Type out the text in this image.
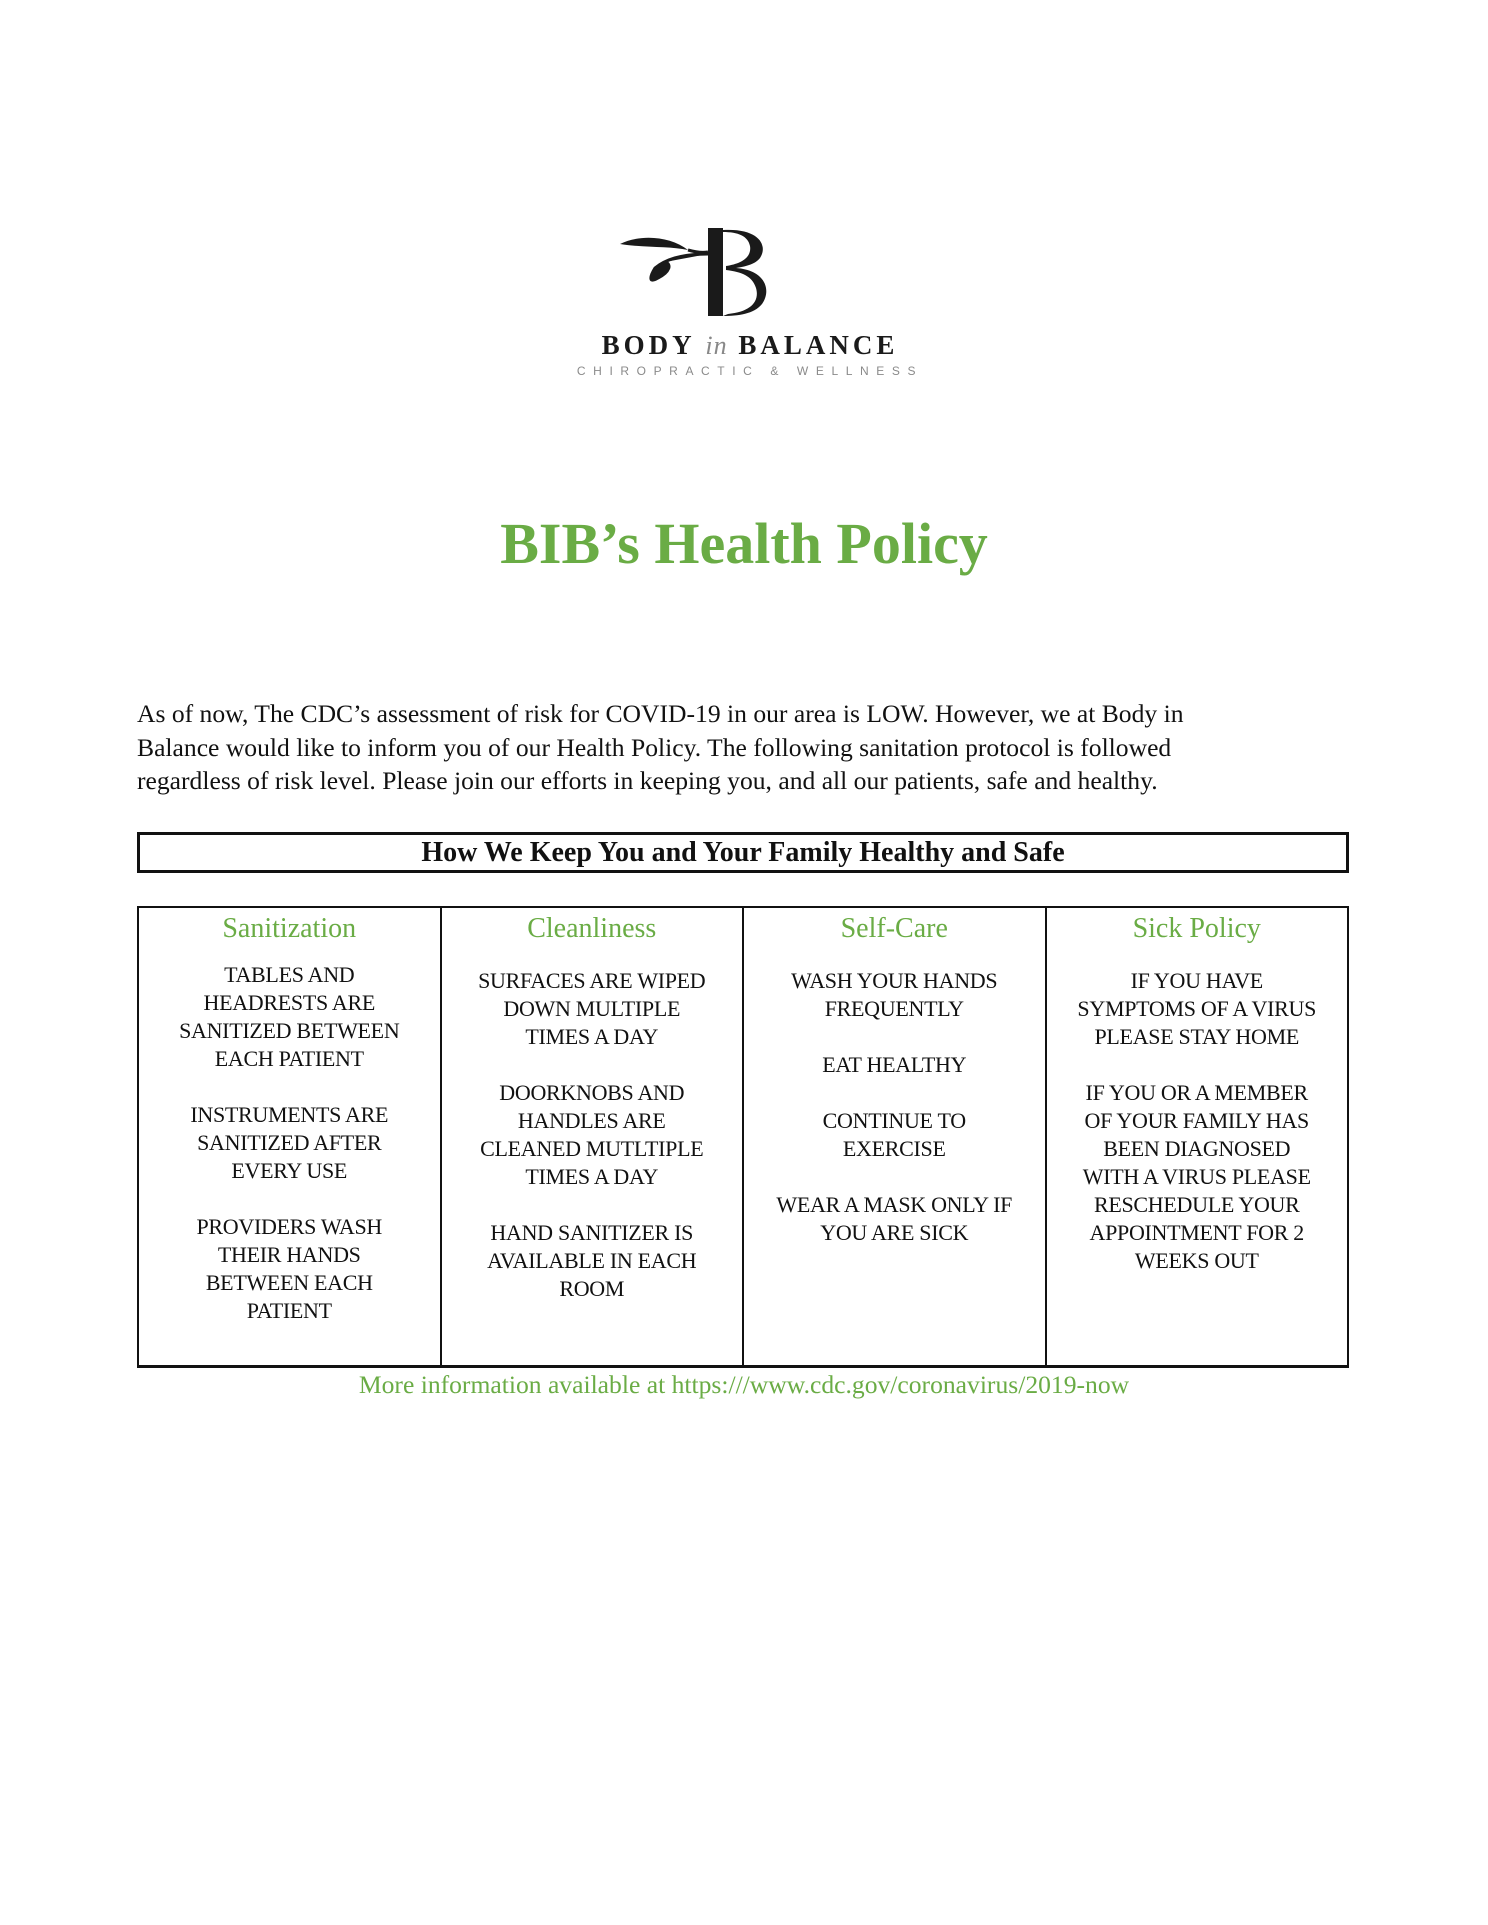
BODY in BALANCE
CHIROPRACTIC & WELLNESS
BIB’s Health Policy
As of now, The CDC’s assessment of risk for COVID-19 in our area is LOW. However, we at Body in
Balance would like to inform you of our Health Policy. The following sanitation protocol is followed
regardless of risk level. Please join our efforts in keeping you, and all our patients, safe and healthy.
How We Keep You and Your Family Healthy and Safe
Sanitization
TABLES AND
HEADRESTS ARE
SANITIZED BETWEEN
EACH PATIENT
INSTRUMENTS ARE
SANITIZED AFTER
EVERY USE
PROVIDERS WASH
THEIR HANDS
BETWEEN EACH
PATIENT
Cleanliness
SURFACES ARE WIPED
DOWN MULTIPLE
TIMES A DAY
DOORKNOBS AND
HANDLES ARE
CLEANED MUTLTIPLE
TIMES A DAY
HAND SANITIZER IS
AVAILABLE IN EACH
ROOM
Self-Care
WASH YOUR HANDS
FREQUENTLY
EAT HEALTHY
CONTINUE TO
EXERCISE
WEAR A MASK ONLY IF
YOU ARE SICK
Sick Policy
IF YOU HAVE
SYMPTOMS OF A VIRUS
PLEASE STAY HOME
IF YOU OR A MEMBER
OF YOUR FAMILY HAS
BEEN DIAGNOSED
WITH A VIRUS PLEASE
RESCHEDULE YOUR
APPOINTMENT FOR 2
WEEKS OUT
More information available at https:///www.cdc.gov/coronavirus/2019-now
